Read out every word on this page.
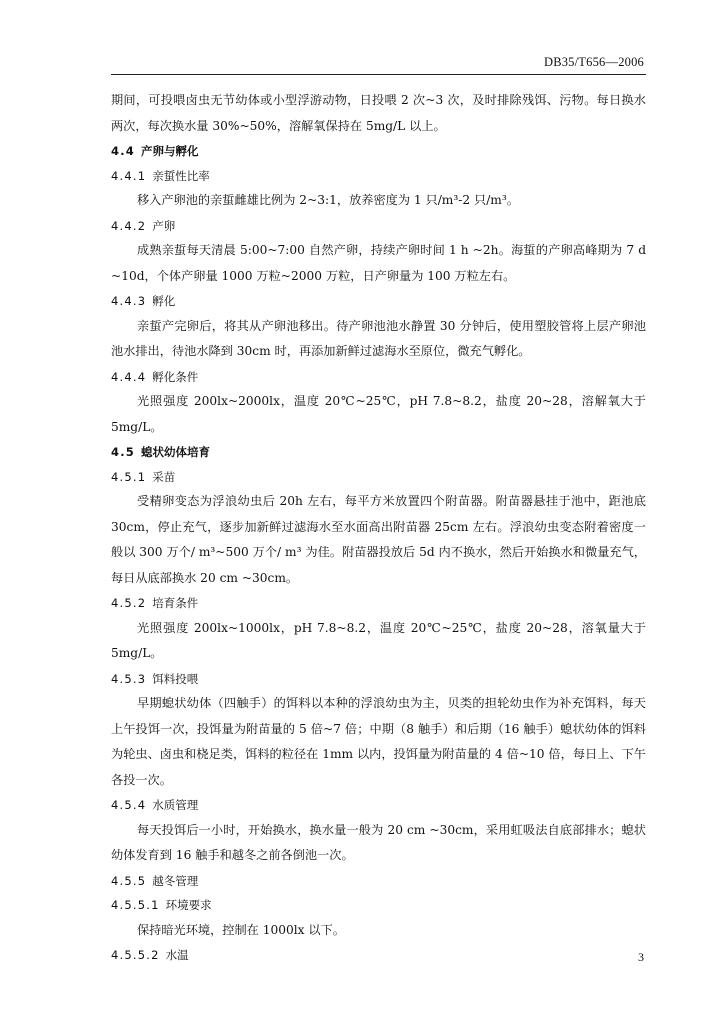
DB35/T656—2006

期间，可投喂卤虫无节幼体或小型浮游动物，日投喂 2 次~3 次，及时排除残饵、污物。每日换水两次，每次换水量 30%~50%，溶解氧保持在 5mg/L 以上。

4.4 产卵与孵化
4.4.1 亲蜇性比率

移入产卵池的亲蜇雌雄比例为 2~3:1，放养密度为 1 只/m³-2 只/m³。

4.4.2 产卵

成熟亲蜇每天清晨 5:00~7:00 自然产卵，持续产卵时间 1 h ~2h。海蜇的产卵高峰期为 7 d ~10d，个体产卵量 1000 万粒~2000 万粒，日产卵量为 100 万粒左右。

4.4.3 孵化

亲蜇产完卵后，将其从产卵池移出。待产卵池池水静置 30 分钟后，使用塑胶管将上层产卵池池水排出，待池水降到 30cm 时，再添加新鲜过滤海水至原位，微充气孵化。

4.4.4 孵化条件

光照强度 200lx~2000lx，温度 20℃~25℃，pH 7.8~8.2，盐度 20~28，溶解氧大于 5mg/L。

4.5 螅状幼体培育
4.5.1 采苗

受精卵变态为浮浪幼虫后 20h 左右，每平方米放置四个附苗器。附苗器悬挂于池中，距池底 30cm，停止充气，逐步加新鲜过滤海水至水面高出附苗器 25cm 左右。浮浪幼虫变态附着密度一般以 300 万个/ m³~500 万个/ m³ 为佳。附苗器投放后 5d 内不换水，然后开始换水和微量充气，每日从底部换水 20 cm ~30cm。

4.5.2 培育条件

光照强度 200lx~1000lx，pH 7.8~8.2，温度 20℃~25℃，盐度 20~28，溶氧量大于 5mg/L。

4.5.3 饵料投喂

早期螅状幼体（四触手）的饵料以本种的浮浪幼虫为主，贝类的担轮幼虫作为补充饵料，每天上午投饵一次，投饵量为附苗量的 5 倍~7 倍；中期（8 触手）和后期（16 触手）螅状幼体的饵料为轮虫、卤虫和桡足类，饵料的粒径在 1mm 以内，投饵量为附苗量的 4 倍~10 倍，每日上、下午各投一次。

4.5.4 水质管理

每天投饵后一小时，开始换水，换水量一般为 20 cm ~30cm，采用虹吸法自底部排水；螅状幼体发育到 16 触手和越冬之前各倒池一次。

4.5.5 越冬管理
4.5.5.1 环境要求

保持暗光环境，控制在 1000lx 以下。

4.5.5.2 水温	3
